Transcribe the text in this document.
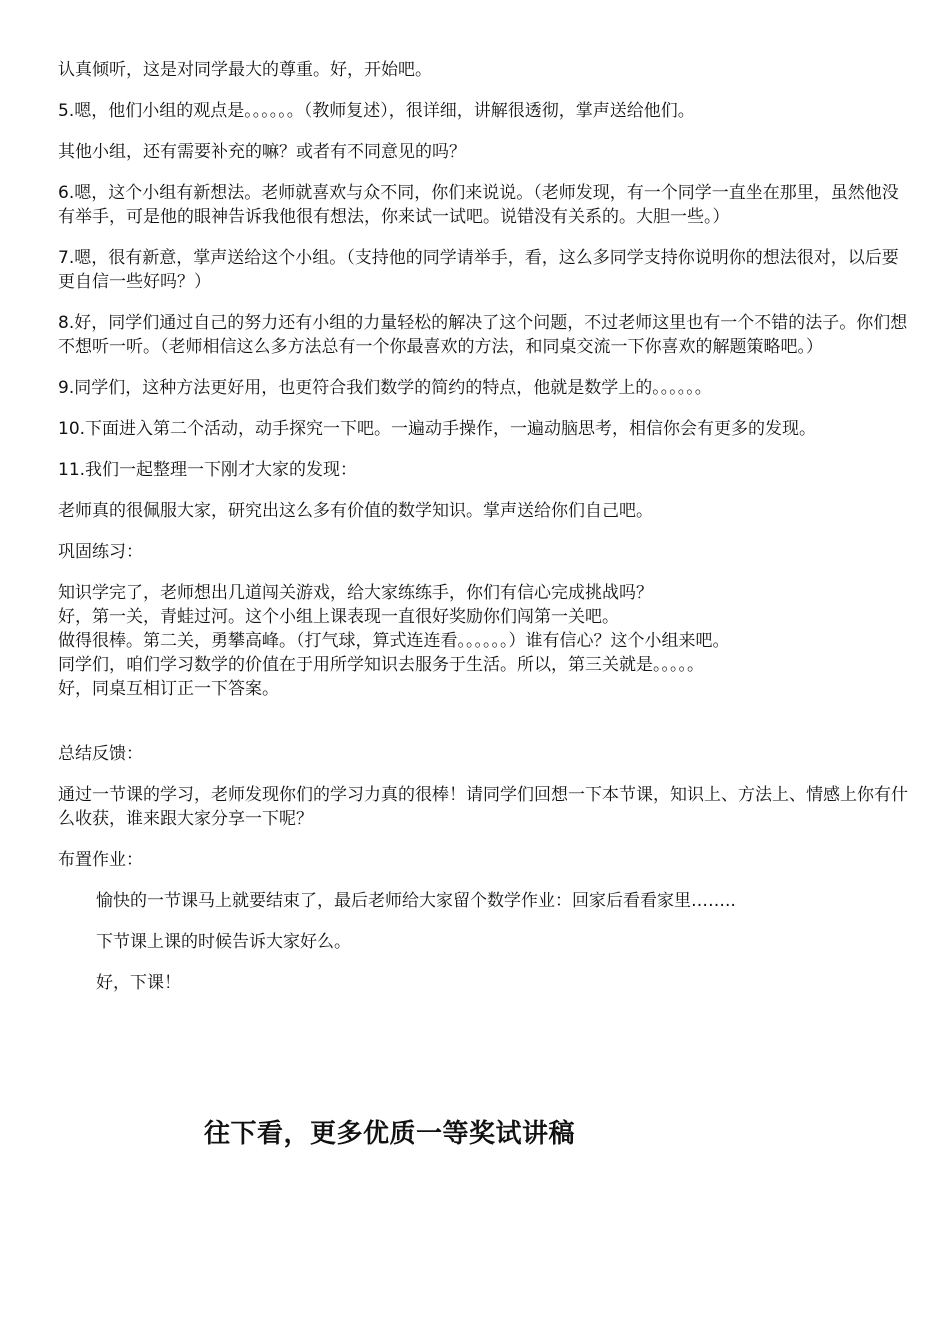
认真倾听，这是对同学最大的尊重。好，开始吧。

5.嗯，他们小组的观点是。。。。。。（教师复述），很详细，讲解很透彻，掌声送给他们。

其他小组，还有需要补充的嘛？或者有不同意见的吗？

6.嗯，这个小组有新想法。老师就喜欢与众不同，你们来说说。（老师发现，有一个同学一直坐在那里，虽然他没有举手，可是他的眼神告诉我他很有想法，你来试一试吧。说错没有关系的。大胆一些。）

7.嗯，很有新意，掌声送给这个小组。（支持他的同学请举手，看，这么多同学支持你说明你的想法很对，以后要更自信一些好吗？）

8.好，同学们通过自己的努力还有小组的力量轻松的解决了这个问题，不过老师这里也有一个不错的法子。你们想不想听一听。（老师相信这么多方法总有一个你最喜欢的方法，和同桌交流一下你喜欢的解题策略吧。）

9.同学们，这种方法更好用，也更符合我们数学的简约的特点，他就是数学上的。。。。。。

10.下面进入第二个活动，动手探究一下吧。一遍动手操作，一遍动脑思考，相信你会有更多的发现。

11.我们一起整理一下刚才大家的发现：

老师真的很佩服大家，研究出这么多有价值的数学知识。掌声送给你们自己吧。

巩固练习：

知识学完了，老师想出几道闯关游戏，给大家练练手，你们有信心完成挑战吗？

好，第一关，青蛙过河。这个小组上课表现一直很好奖励你们闯第一关吧。

做得很棒。第二关，勇攀高峰。（打气球，算式连连看。。。。。。）谁有信心？这个小组来吧。

同学们，咱们学习数学的价值在于用所学知识去服务于生活。所以，第三关就是。。。。。

好，同桌互相订正一下答案。

总结反馈：

通过一节课的学习，老师发现你们的学习力真的很棒！请同学们回想一下本节课，知识上、方法上、情感上你有什么收获，谁来跟大家分享一下呢？

布置作业：

愉快的一节课马上就要结束了，最后老师给大家留个数学作业：回家后看看家里……..

下节课上课的时候告诉大家好么。

好，下课！

往下看，更多优质一等奖试讲稿
